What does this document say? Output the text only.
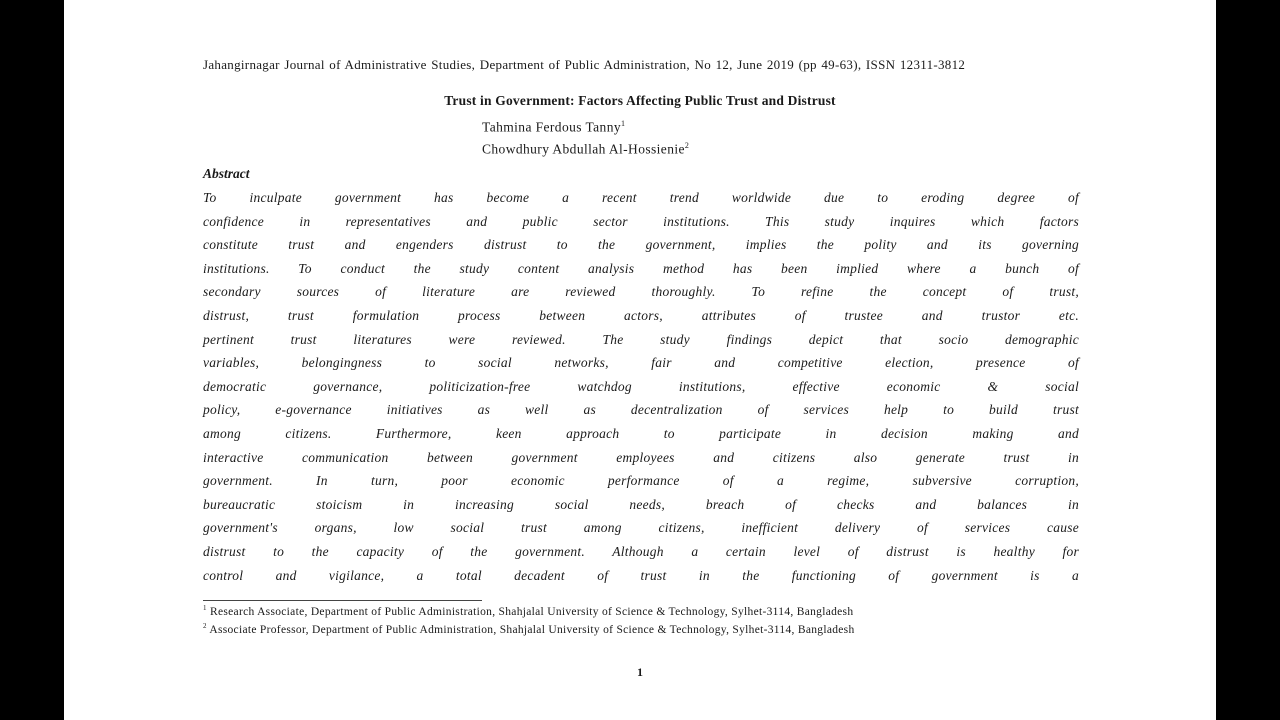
Jahangirnagar Journal of Administrative Studies, Department of Public Administration, No 12, June 2019 (pp 49-63), ISSN 12311-3812
Trust in Government: Factors Affecting Public Trust and Distrust
Tahmina Ferdous Tanny$^1$
Chowdhury Abdullah Al-Hossienie$^2$
Abstract
To inculpate government has become a recent trend worldwide due to eroding degree of
confidence in representatives and public sector institutions. This study inquires which factors
constitute trust and engenders distrust to the government, implies the polity and its governing
institutions. To conduct the study content analysis method has been implied where a bunch of
secondary sources of literature are reviewed thoroughly. To refine the concept of trust,
distrust, trust formulation process between actors, attributes of trustee and trustor etc.
pertinent trust literatures were reviewed. The study findings depict that socio demographic
variables, belongingness to social networks, fair and competitive election, presence of
democratic governance, politicization-free watchdog institutions, effective economic & social
policy, e-governance initiatives as well as decentralization of services help to build trust
among citizens. Furthermore, keen approach to participate in decision making and
interactive communication between government employees and citizens also generate trust in
government. In turn, poor economic performance of a regime, subversive corruption,
bureaucratic stoicism in increasing social needs, breach of checks and balances in
government's organs, low social trust among citizens, inefficient delivery of services cause
distrust to the capacity of the government. Although a certain level of distrust is healthy for
control and vigilance, a total decadent of trust in the functioning of government is a
$^1$ Research Associate, Department of Public Administration, Shahjalal University of Science & Technology, Sylhet-3114, Bangladesh
$^2$ Associate Professor, Department of Public Administration, Shahjalal University of Science & Technology, Sylhet-3114, Bangladesh
1
